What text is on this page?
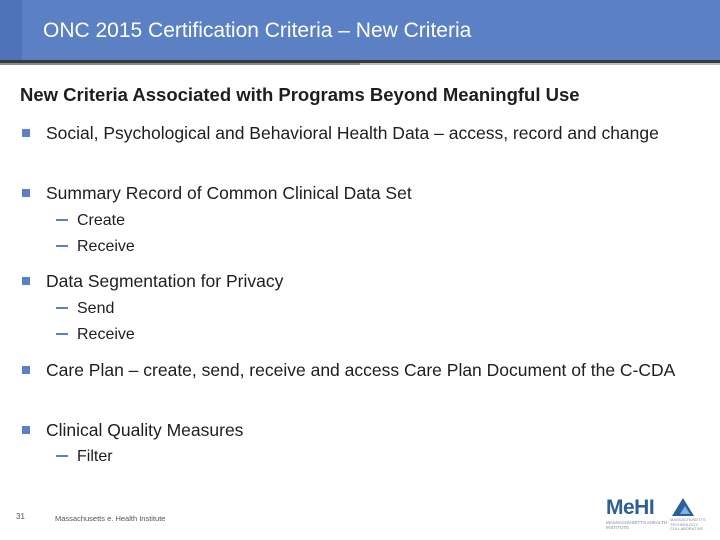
ONC 2015 Certification Criteria – New Criteria
New Criteria Associated with Programs Beyond Meaningful Use
Social, Psychological and Behavioral Health Data – access, record and change
Summary Record of Common Clinical Data Set
Create
Receive
Data Segmentation for Privacy
Send
Receive
Care Plan – create, send, receive and access Care Plan Document of the C-CDA
Clinical Quality Measures
Filter
31	Massachusetts e. Health Institute	MeHI
MASSACHUSETTS eHEALTH INSTITUTE
MASSACHUSETTS TECHNOLOGY COLLABORATIVE
